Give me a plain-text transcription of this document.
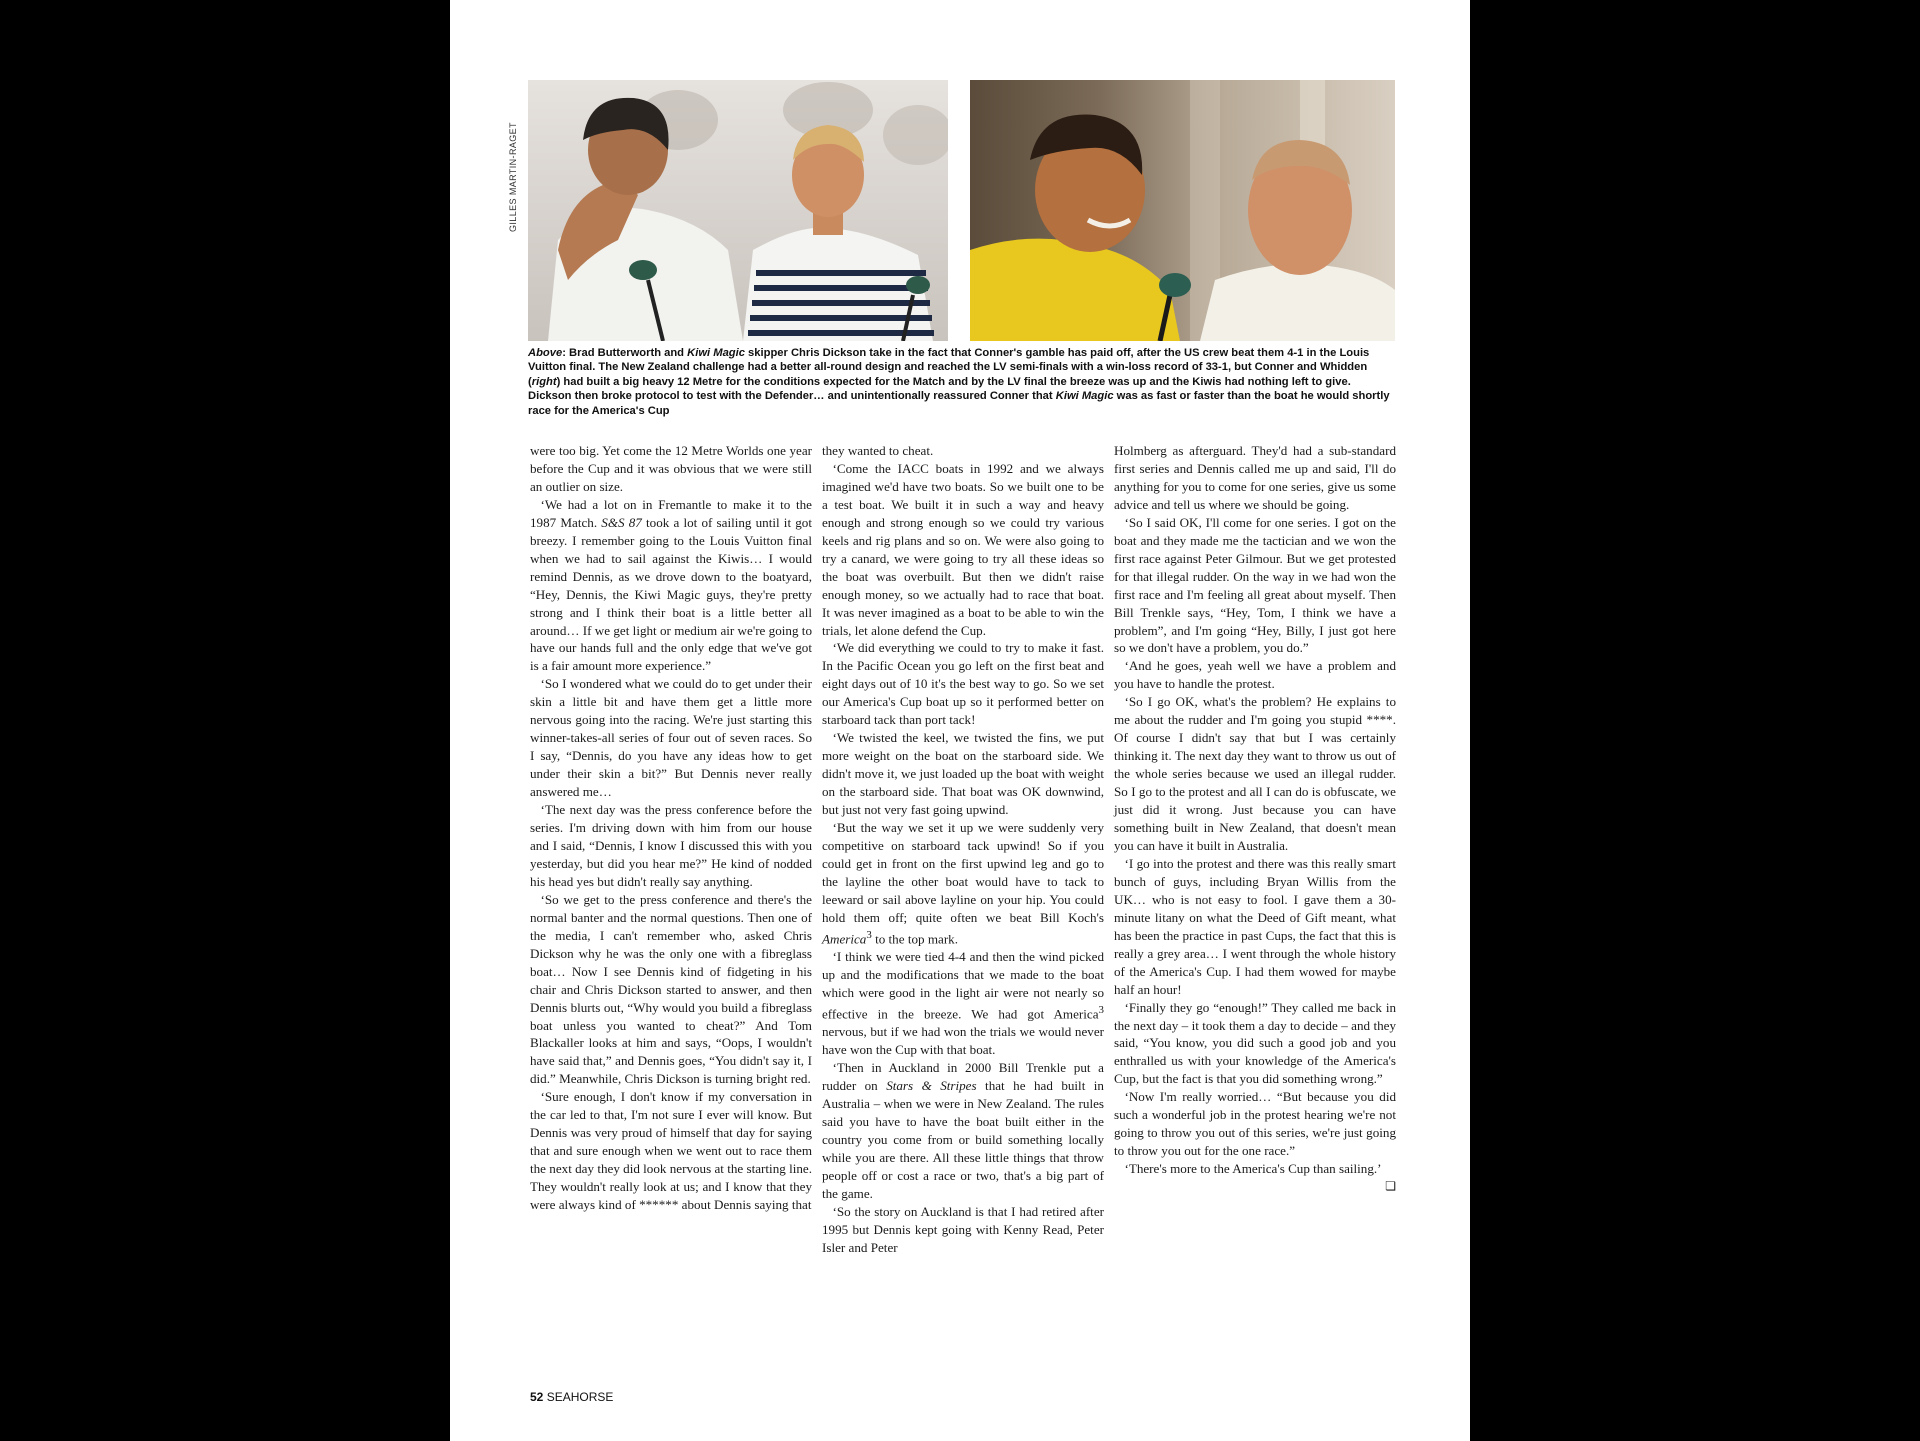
GILLES MARTIN-RAGET
Above: Brad Butterworth and Kiwi Magic skipper Chris Dickson take in the fact that Conner's gamble has paid off, after the US crew beat them 4-1 in the Louis Vuitton final. The New Zealand challenge had a better all-round design and reached the LV semi-finals with a win-loss record of 33-1, but Conner and Whidden (right) had built a big heavy 12 Metre for the conditions expected for the Match and by the LV final the breeze was up and the Kiwis had nothing left to give. Dickson then broke protocol to test with the Defender… and unintentionally reassured Conner that Kiwi Magic was as fast or faster than the boat he would shortly race for the America's Cup

were too big. Yet come the 12 Metre Worlds one year before the Cup and it was obvious that we were still an outlier on size.

‘We had a lot on in Fremantle to make it to the 1987 Match. S&S 87 took a lot of sailing until it got breezy. I remember going to the Louis Vuitton final when we had to sail against the Kiwis… I would remind Dennis, as we drove down to the boatyard, “Hey, Dennis, the Kiwi Magic guys, they're pretty strong and I think their boat is a little better all around… If we get light or medium air we're going to have our hands full and the only edge that we've got is a fair amount more experience.”

‘So I wondered what we could do to get under their skin a little bit and have them get a little more nervous going into the racing. We're just starting this winner-takes-all series of four out of seven races. So I say, “Dennis, do you have any ideas how to get under their skin a bit?” But Dennis never really answered me…

‘The next day was the press conference before the series. I'm driving down with him from our house and I said, “Dennis, I know I discussed this with you yesterday, but did you hear me?” He kind of nodded his head yes but didn't really say anything.

‘So we get to the press conference and there's the normal banter and the normal questions. Then one of the media, I can't remember who, asked Chris Dickson why he was the only one with a fibreglass boat… Now I see Dennis kind of fidgeting in his chair and Chris Dickson started to answer, and then Dennis blurts out, “Why would you build a fibreglass boat unless you wanted to cheat?” And Tom Blackaller looks at him and says, “Oops, I wouldn't have said that,” and Dennis goes, “You didn't say it, I did.” Meanwhile, Chris Dickson is turning bright red.

‘Sure enough, I don't know if my conversation in the car led to that, I'm not sure I ever will know. But Dennis was very proud of himself that day for saying that and sure enough when we went out to race them the next day they did look nervous at the starting line. They wouldn't really look at us; and I know that they were always kind of ****** about Dennis saying that

they wanted to cheat.

‘Come the IACC boats in 1992 and we always imagined we'd have two boats. So we built one to be a test boat. We built it in such a way and heavy enough and strong enough so we could try various keels and rig plans and so on. We were also going to try a canard, we were going to try all these ideas so the boat was overbuilt. But then we didn't raise enough money, so we actually had to race that boat. It was never imagined as a boat to be able to win the trials, let alone defend the Cup.

‘We did everything we could to try to make it fast. In the Pacific Ocean you go left on the first beat and eight days out of 10 it's the best way to go. So we set our America's Cup boat up so it performed better on starboard tack than port tack!

‘We twisted the keel, we twisted the fins, we put more weight on the boat on the starboard side. We didn't move it, we just loaded up the boat with weight on the starboard side. That boat was OK downwind, but just not very fast going upwind.

‘But the way we set it up we were suddenly very competitive on starboard tack upwind! So if you could get in front on the first upwind leg and go to the layline the other boat would have to tack to leeward or sail above layline on your hip. You could hold them off; quite often we beat Bill Koch's America$^3$ to the top mark.

‘I think we were tied 4-4 and then the wind picked up and the modifications that we made to the boat which were good in the light air were not nearly so effective in the breeze. We had got America$^3$ nervous, but if we had won the trials we would never have won the Cup with that boat.

‘Then in Auckland in 2000 Bill Trenkle put a rudder on Stars & Stripes that he had built in Australia – when we were in New Zealand. The rules said you have to have the boat built either in the country you come from or build something locally while you are there. All these little things that throw people off or cost a race or two, that's a big part of the game.

‘So the story on Auckland is that I had retired after 1995 but Dennis kept going with Kenny Read, Peter Isler and Peter

Holmberg as afterguard. They'd had a sub-standard first series and Dennis called me up and said, I'll do anything for you to come for one series, give us some advice and tell us where we should be going.

‘So I said OK, I'll come for one series. I got on the boat and they made me the tactician and we won the first race against Peter Gilmour. But we get protested for that illegal rudder. On the way in we had won the first race and I'm feeling all great about myself. Then Bill Trenkle says, “Hey, Tom, I think we have a problem”, and I'm going “Hey, Billy, I just got here so we don't have a problem, you do.”

‘And he goes, yeah well we have a problem and you have to handle the protest.

‘So I go OK, what's the problem? He explains to me about the rudder and I'm going you stupid ****. Of course I didn't say that but I was certainly thinking it. The next day they want to throw us out of the whole series because we used an illegal rudder. So I go to the protest and all I can do is obfuscate, we just did it wrong. Just because you can have something built in New Zealand, that doesn't mean you can have it built in Australia.

‘I go into the protest and there was this really smart bunch of guys, including Bryan Willis from the UK… who is not easy to fool. I gave them a 30-minute litany on what the Deed of Gift meant, what has been the practice in past Cups, the fact that this is really a grey area… I went through the whole history of the America's Cup. I had them wowed for maybe half an hour!

‘Finally they go “enough!” They called me back in the next day – it took them a day to decide – and they said, “You know, you did such a good job and you enthralled us with your knowledge of the America's Cup, but the fact is that you did something wrong.”

‘Now I'm really worried… “But because you did such a wonderful job in the protest hearing we're not going to throw you out of this series, we're just going to throw you out for the one race.”

‘There's more to the America's Cup than sailing.’
❏

52 SEAHORSE
